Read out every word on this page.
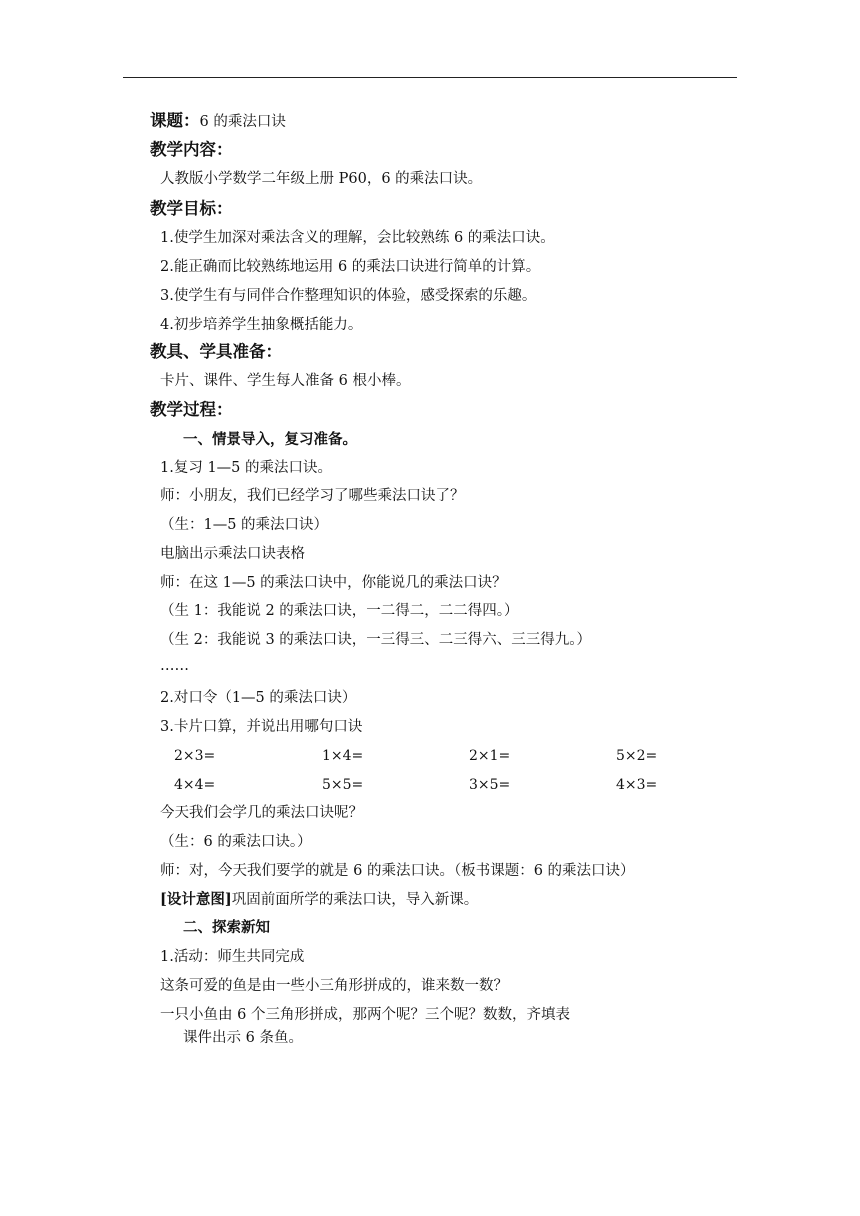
课题：6 的乘法口诀
教学内容：
人教版小学数学二年级上册 P60，6 的乘法口诀。
教学目标：
1.使学生加深对乘法含义的理解，会比较熟练 6 的乘法口诀。
2.能正确而比较熟练地运用 6 的乘法口诀进行简单的计算。
3.使学生有与同伴合作整理知识的体验，感受探索的乐趣。
4.初步培养学生抽象概括能力。
教具、学具准备：
卡片、课件、学生每人准备 6 根小棒。
教学过程：
一、情景导入，复习准备。
1.复习 1—5 的乘法口诀。
师：小朋友，我们已经学习了哪些乘法口诀了？
（生：1—5 的乘法口诀）
电脑出示乘法口诀表格
师：在这 1—5 的乘法口诀中，你能说几的乘法口诀？
（生 1：我能说 2 的乘法口诀，一二得二，二二得四。）
（生 2：我能说 3 的乘法口诀，一三得三、二三得六、三三得九。）
……
2.对口令（1—5 的乘法口诀）
3.卡片口算，并说出用哪句口诀
2×3=	1×4=	2×1=	5×2=
4×4=	5×5=	3×5=	4×3=
今天我们会学几的乘法口诀呢？
（生：6 的乘法口诀。）
师：对，今天我们要学的就是 6 的乘法口诀。（板书课题：6 的乘法口诀）
[设计意图]巩固前面所学的乘法口诀，导入新课。
二、探索新知
1.活动：师生共同完成
这条可爱的鱼是由一些小三角形拼成的，谁来数一数？
一只小鱼由 6 个三角形拼成，那两个呢？三个呢？数数，齐填表
课件出示 6 条鱼。
